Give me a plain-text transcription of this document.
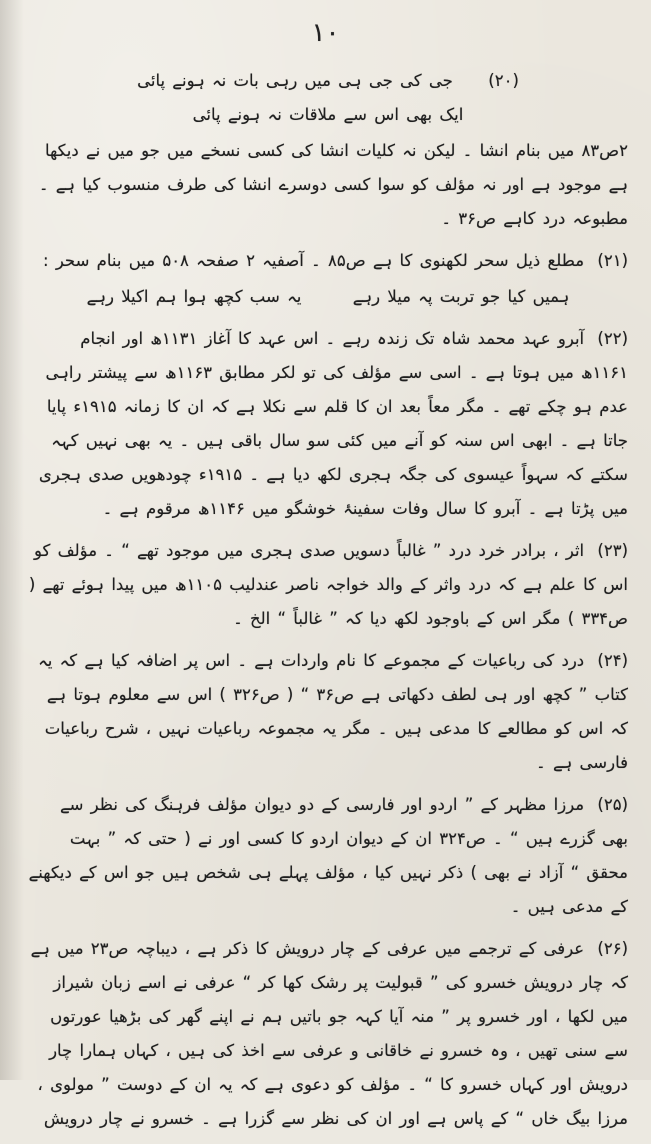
۱۰
(۲۰) جی کی جی ہی میں رہی بات نہ ہونے پائی ایک بھی اس سے ملاقات نہ ہونے پائی
۲ص۸۳ میں بنام انشا ۔ لیکن نہ کلیات انشا کی کسی نسخے میں جو میں نے دیکھا ہے موجود ہے اور نہ مؤلف کو سوا کسی دوسرے انشا کی طرف منسوب کیا ہے ۔ مطبوعہ درد کاہے ص۳۶ ۔
(۲۱) مطلع ذیل سحر لکھنوی کا ہے ص۸۵ ۔ آصفیہ ۲ صفحہ ۵۰۸ میں بنام سحر :
ہمیں کیا جو تربت پہ میلا رہے یہ سب کچھ ہوا ہم اکیلا رہے
(۲۲) آبرو عہد محمد شاہ تک زندہ رہے ۔ اس عہد کا آغاز ۱۱۳۱ھ اور انجام ۱۱۶۱ھ میں ہوتا ہے ۔ اسی سے مؤلف کی تو لکر مطابق ۱۱۶۳ھ سے پیشتر راہی عدم ہو چکے تھے ۔ مگر معاً بعد ان کا قلم سے نکلا ہے کہ ان کا زمانہ ۱۹۱۵ء پایا جاتا ہے ۔ ابھی اس سنہ کو آنے میں کئی سو سال باقی ہیں ۔ یہ بھی نہیں کہہ سکتے کہ سہواً عیسوی کی جگہ ہجری لکھ دیا ہے ۔ ۱۹۱۵ء چودھویں صدی ہجری میں پڑتا ہے ۔ آبرو کا سال وفات سفینۂ خوشگو میں ۱۱۴۶ھ مرقوم ہے ۔
(۲۳) اثر ، برادر خرد درد ” غالباً دسویں صدی ہجری میں موجود تھے “ ۔ مؤلف کو اس کا علم ہے کہ درد واثر کے والد خواجہ ناصر عندلیب ۱۱۰۵ھ میں پیدا ہوئے تھے ( ص۳۳۴ ) مگر اس کے باوجود لکھ دیا کہ ” غالباً “ الخ ۔
(۲۴) درد کی رباعیات کے مجموعے کا نام واردات ہے ۔ اس پر اضافہ کیا ہے کہ یہ کتاب ” کچھ اور ہی لطف دکھاتی ہے ص۳۶ “ ( ص۳۲۶ ) اس سے معلوم ہوتا ہے کہ اس کو مطالعے کا مدعی ہیں ۔ مگر یہ مجموعہ رباعیات نہیں ، شرح رباعیات فارسی ہے ۔
(۲۵) مرزا مظہر کے ” اردو اور فارسی کے دو دیوان مؤلف فرہنگ کی نظر سے بھی گزرے ہیں “ ۔ ص۳۲۴ ان کے دیوان اردو کا کسی اور نے ( حتی کہ ” بہت محقق “ آزاد نے بھی ) ذکر نہیں کیا ، مؤلف پہلے ہی شخص ہیں جو اس کے دیکھنے کے مدعی ہیں ۔
(۲۶) عرفی کے ترجمے میں عرفی کے چار درویش کا ذکر ہے ، دیباچہ ص۲۳ میں ہے کہ چار درویش خسرو کی ” قبولیت پر رشک کھا کر “ عرفی نے اسے زبان شیراز میں لکھا ، اور خسرو پر ” منہ آیا کہہ جو باتیں ہم نے اپنے گھر کی بڑھیا عورتوں سے سنی تھیں ، وہ خسرو نے خاقانی و عرفی سے اخذ کی ہیں ، کہاں ہمارا چار درویش اور کہاں خسرو کا “ ۔ مؤلف کو دعوی ہے کہ یہ ان کے دوست ” مولوی ، مرزا بیگ خاں “ کے پاس ہے اور ان کی نظر سے گزرا ہے ۔ خسرو نے چار درویش
